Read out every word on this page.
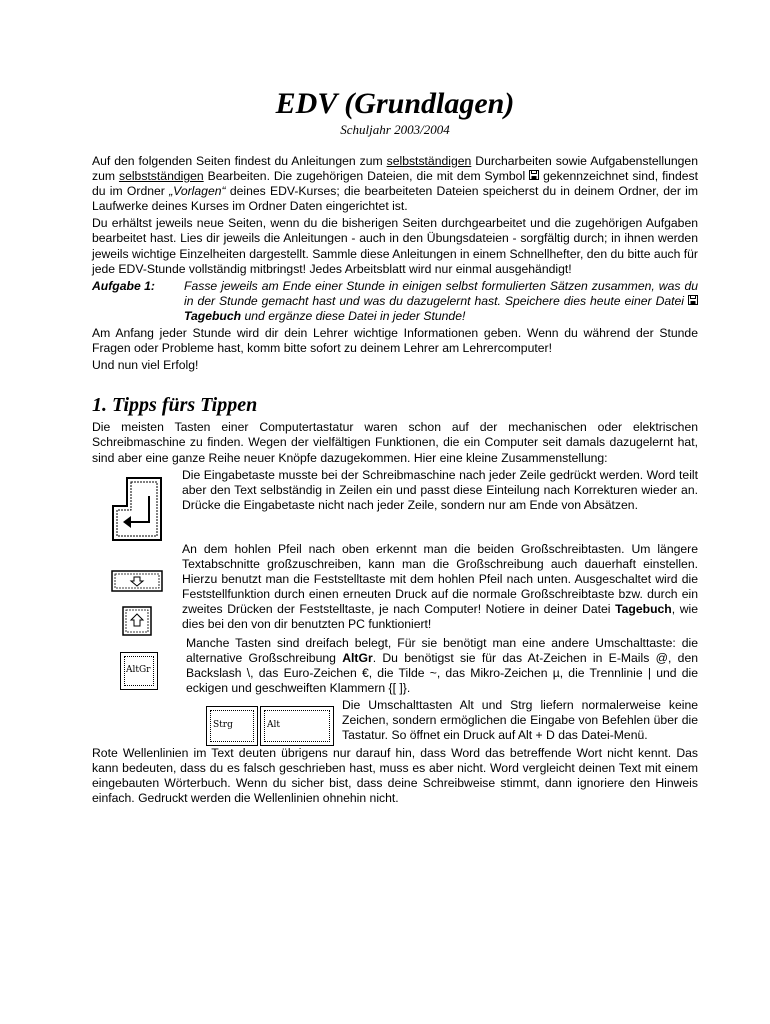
EDV (Grundlagen)
Schuljahr 2003/2004

Auf den folgenden Seiten findest du Anleitungen zum selbstständigen Durcharbeiten sowie Aufgabenstellungen zum selbstständigen Bearbeiten. Die zugehörigen Dateien, die mit dem Symbol  gekennzeichnet sind, findest du im Ordner „Vorlagen“ deines EDV-Kurses; die bearbeiteten Dateien speicherst du in deinem Ordner, der im Laufwerke deines Kurses im Ordner Daten eingerichtet ist.

Du erhältst jeweils neue Seiten, wenn du die bisherigen Seiten durchgearbeitet und die zugehörigen Aufgaben bearbeitet hast. Lies dir jeweils die Anleitungen - auch in den Übungsdateien - sorgfältig durch; in ihnen werden jeweils wichtige Einzelheiten dargestellt. Sammle diese Anleitungen in einem Schnellhefter, den du bitte auch für jede EDV-Stunde vollständig mitbringst! Jedes Arbeitsblatt wird nur einmal ausgehändigt!

Aufgabe 1:	Fasse jeweils am Ende einer Stunde in einigen selbst formulierten Sätzen zusammen, was du in der Stunde gemacht hast und was du dazugelernt hast. Speichere dies heute einer Datei  Tagebuch und ergänze diese Datei in jeder Stunde!

Am Anfang jeder Stunde wird dir dein Lehrer wichtige Informationen geben. Wenn du während der Stunde Fragen oder Probleme hast, komm bitte sofort zu deinem Lehrer am Lehrercomputer!

Und nun viel Erfolg!

1. Tipps fürs Tippen

Die meisten Tasten einer Computertastatur waren schon auf der mechanischen oder elektrischen Schreibmaschine zu finden. Wegen der vielfältigen Funktionen, die ein Computer seit damals dazugelernt hat, sind aber eine ganze Reihe neuer Knöpfe dazugekommen. Hier eine kleine Zusammenstellung:

Die Eingabetaste musste bei der Schreibmaschine nach jeder Zeile gedrückt werden. Word teilt aber den Text selbständig in Zeilen ein und passt diese Einteilung nach Korrekturen wieder an. Drücke die Eingabetaste nicht nach jeder Zeile, sondern nur am Ende von Absätzen.

An dem hohlen Pfeil nach oben erkennt man die beiden Großschreibtasten. Um längere Textabschnitte großzuschreiben, kann man die Großschreibung auch dauerhaft einstellen. Hierzu benutzt man die Feststelltaste mit dem hohlen Pfeil nach unten. Ausgeschaltet wird die Feststellfunktion durch einen erneuten Druck auf die normale Großschreibtaste bzw. durch ein zweites Drücken der Feststelltaste, je nach Computer! Notiere in deiner Datei Tagebuch, wie dies bei den von dir benutzten PC funktioniert!

AltGr

Manche Tasten sind dreifach belegt, Für sie benötigt man eine andere Umschalttaste: die alternative Großschreibung AltGr. Du benötigst sie für das At-Zeichen in E-Mails @, den Backslash \, das Euro-Zeichen €, die Tilde ~, das Mikro-Zeichen µ, die Trennlinie | und die eckigen und geschweiften Klammern {[ ]}.

Strg	Alt

Die Umschalttasten Alt und Strg liefern normalerweise keine Zeichen, sondern ermöglichen die Eingabe von Befehlen über die Tastatur. So öffnet ein Druck auf Alt + D das Datei-Menü.

Rote Wellenlinien im Text deuten übrigens nur darauf hin, dass Word das betreffende Wort nicht kennt. Das kann bedeuten, dass du es falsch geschrieben hast, muss es aber nicht. Word vergleicht deinen Text mit einem eingebauten Wörterbuch. Wenn du sicher bist, dass deine Schreibweise stimmt, dann ignoriere den Hinweis einfach. Gedruckt werden die Wellenlinien ohnehin nicht.
